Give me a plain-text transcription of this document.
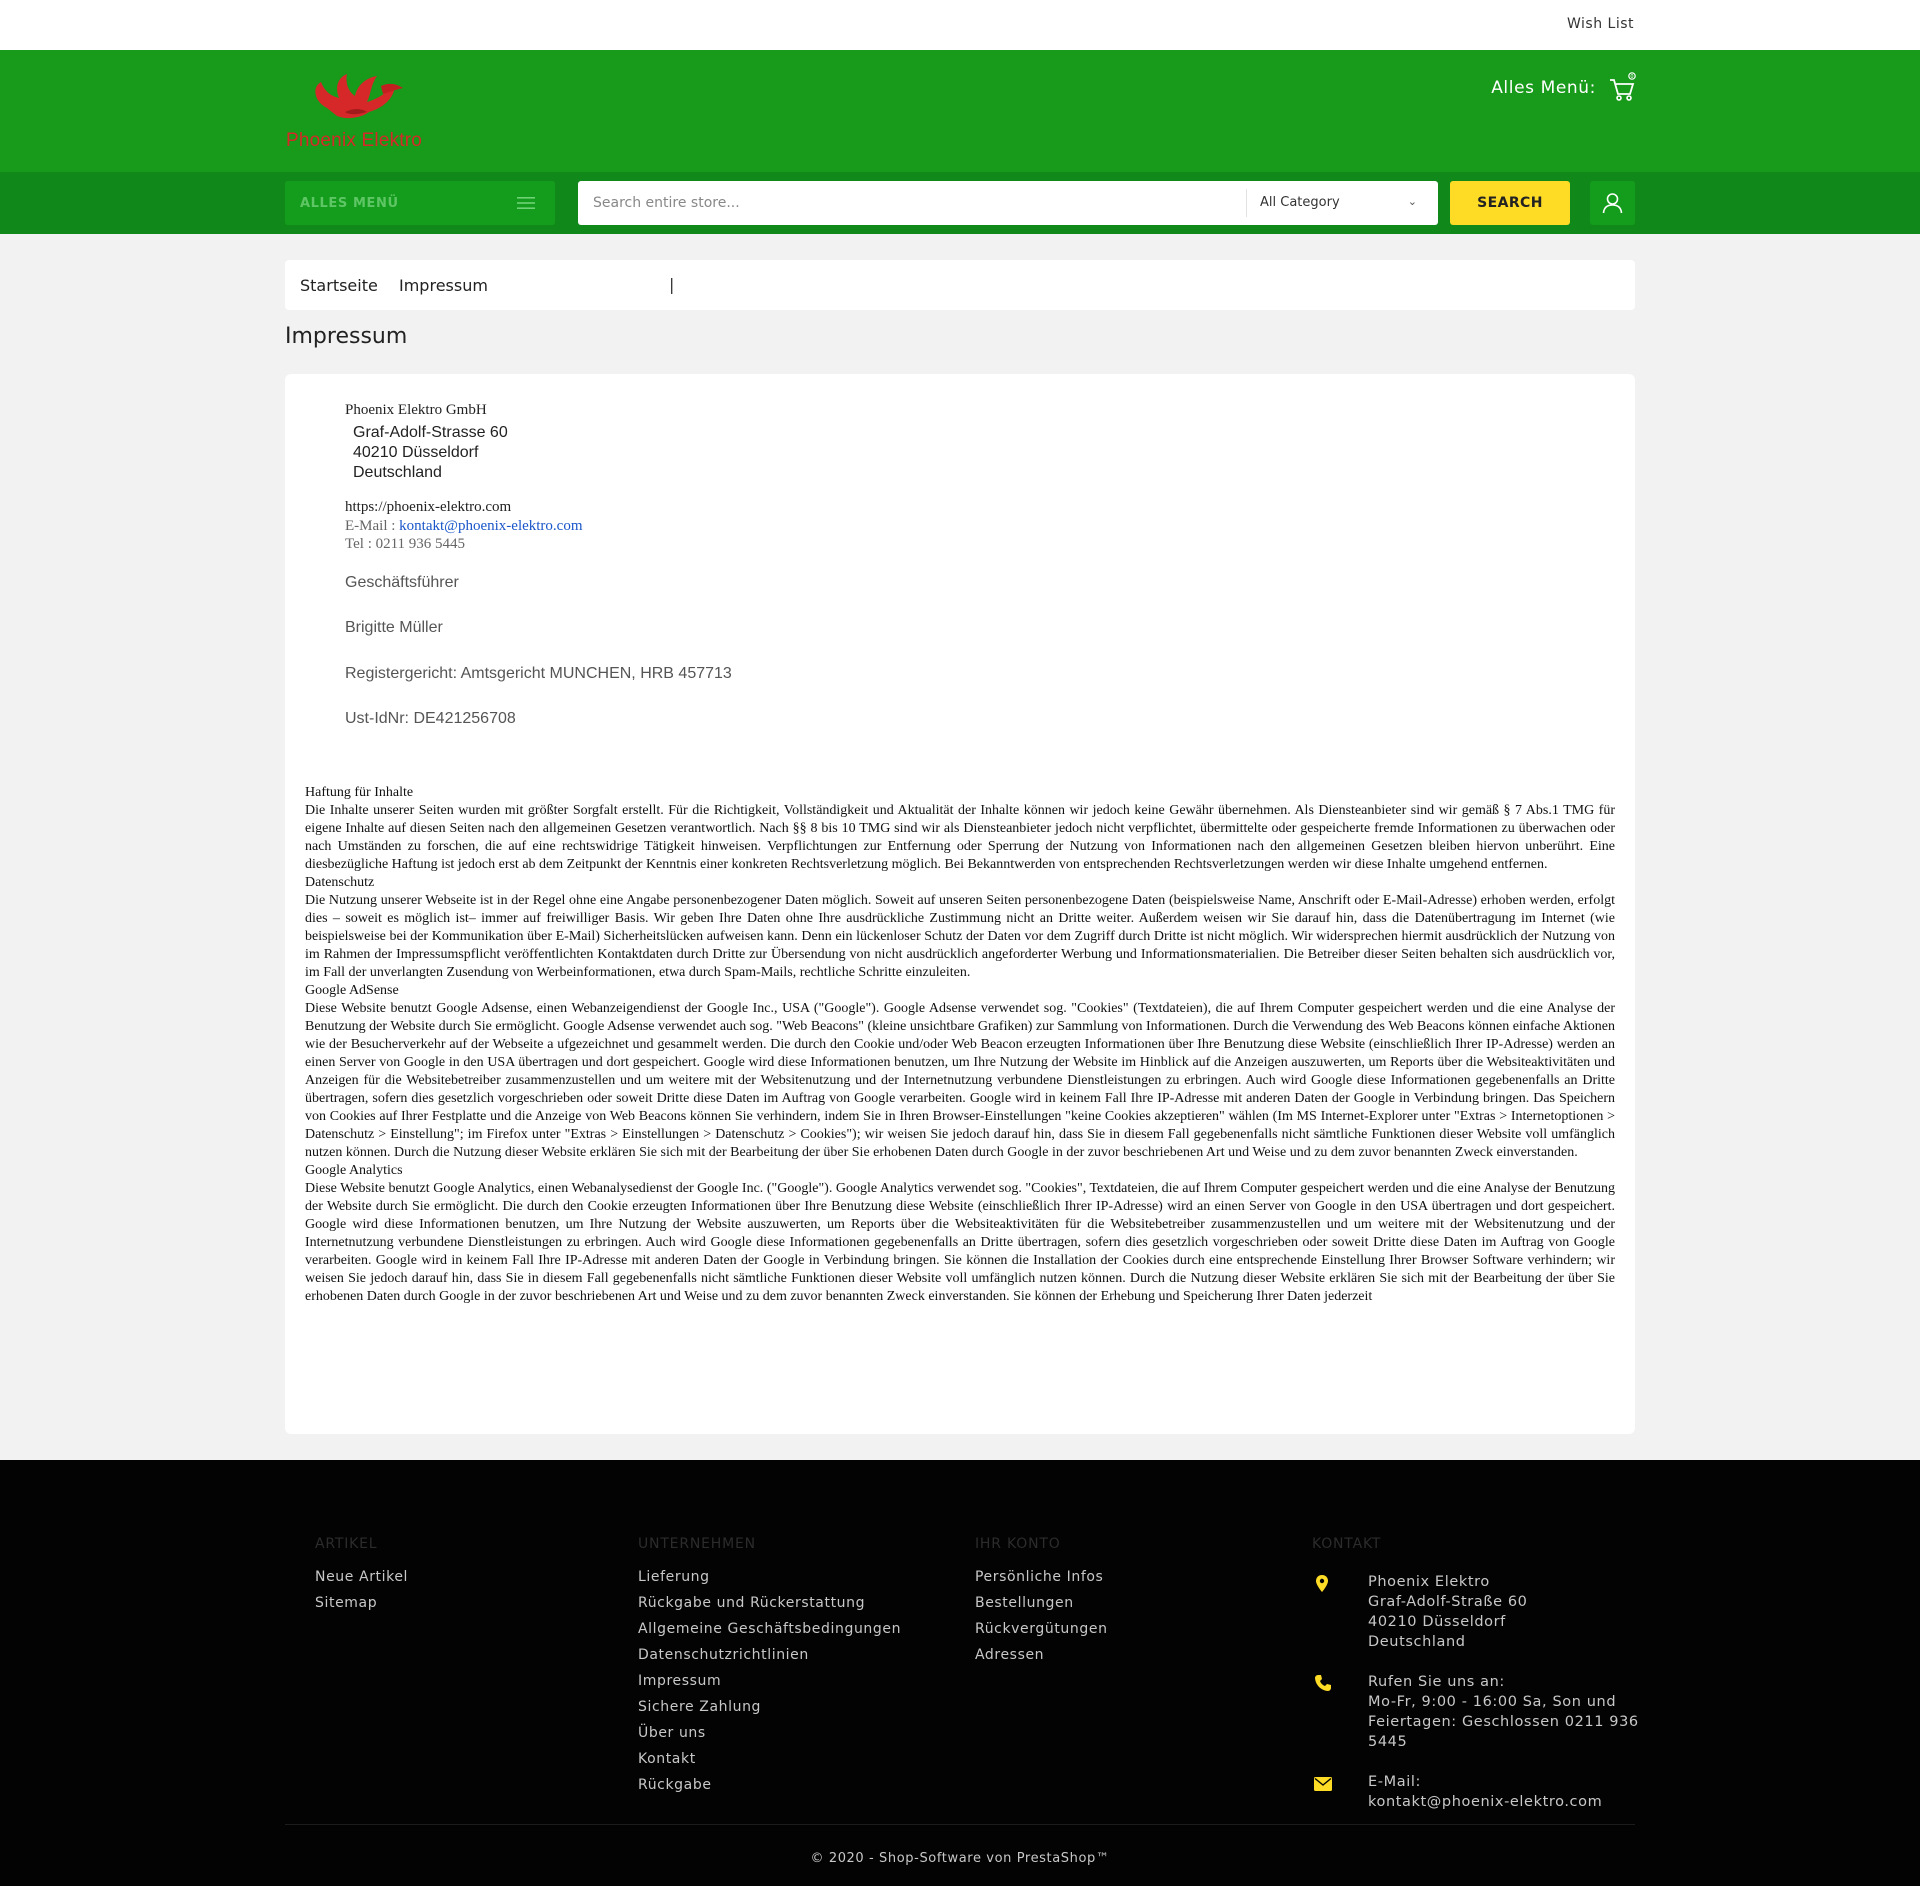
Wish List
Phoenix Elektro
Alles Menü:
0
ALLES MENÜ
Search entire store...	All Category	⌄	SEARCH
Startseite	|
Impressum
Impressum
Phoenix Elektro GmbH
Graf-Adolf-Strasse 60
40210 Düsseldorf
Deutschland
https://phoenix-elektro.com
E-Mail : kontakt@phoenix-elektro.com
Tel : 0211 936 5445
Geschäftsführer
Brigitte Müller
Registergericht: Amtsgericht MUNCHEN, HRB 457713
Ust-IdNr: DE421256708
Haftung für Inhalte
Die Inhalte unserer Seiten wurden mit größter Sorgfalt erstellt. Für die Richtigkeit, Vollständigkeit und Aktualität der Inhalte können wir jedoch keine Gewähr übernehmen. Als Diensteanbieter sind wir gemäß § 7 Abs.1 TMG für eigene Inhalte auf diesen Seiten nach den allgemeinen Gesetzen verantwortlich. Nach §§ 8 bis 10 TMG sind wir als Diensteanbieter jedoch nicht verpflichtet, übermittelte oder gespeicherte fremde Informationen zu überwachen oder nach Umständen zu forschen, die auf eine rechtswidrige Tätigkeit hinweisen. Verpflichtungen zur Entfernung oder Sperrung der Nutzung von Informationen nach den allgemeinen Gesetzen bleiben hiervon unberührt. Eine diesbezügliche Haftung ist jedoch erst ab dem Zeitpunkt der Kenntnis einer konkreten Rechtsverletzung möglich. Bei Bekanntwerden von entsprechenden Rechtsverletzungen werden wir diese Inhalte umgehend entfernen.
Datenschutz
Die Nutzung unserer Webseite ist in der Regel ohne eine Angabe personenbezogener Daten möglich. Soweit auf unseren Seiten personenbezogene Daten (beispielsweise Name, Anschrift oder E-Mail-Adresse) erhoben werden, erfolgt dies – soweit es möglich ist– immer auf freiwilliger Basis. Wir geben Ihre Daten ohne Ihre ausdrückliche Zustimmung nicht an Dritte weiter. Außerdem weisen wir Sie darauf hin, dass die Datenübertragung im Internet (wie beispielsweise bei der Kommunikation über E-Mail) Sicherheitslücken aufweisen kann. Denn ein lückenloser Schutz der Daten vor dem Zugriff durch Dritte ist nicht möglich. Wir widersprechen hiermit ausdrücklich der Nutzung von im Rahmen der Impressumspflicht veröffentlichten Kontaktdaten durch Dritte zur Übersendung von nicht ausdrücklich angeforderter Werbung und Informationsmaterialien. Die Betreiber dieser Seiten behalten sich ausdrücklich vor, im Fall der unverlangten Zusendung von Werbeinformationen, etwa durch Spam-Mails, rechtliche Schritte einzuleiten.
Google AdSense
Diese Website benutzt Google Adsense, einen Webanzeigendienst der Google Inc., USA ("Google"). Google Adsense verwendet sog. "Cookies" (Textdateien), die auf Ihrem Computer gespeichert werden und die eine Analyse der Benutzung der Website durch Sie ermöglicht. Google Adsense verwendet auch sog. "Web Beacons" (kleine unsichtbare Grafiken) zur Sammlung von Informationen. Durch die Verwendung des Web Beacons können einfache Aktionen wie der Besucherverkehr auf der Webseite a ufgezeichnet und gesammelt werden. Die durch den Cookie und/oder Web Beacon erzeugten Informationen über Ihre Benutzung diese Website (einschließlich Ihrer IP-Adresse) werden an einen Server von Google in den USA übertragen und dort gespeichert. Google wird diese Informationen benutzen, um Ihre Nutzung der Website im Hinblick auf die Anzeigen auszuwerten, um Reports über die Websiteaktivitäten und Anzeigen für die Websitebetreiber zusammenzustellen und um weitere mit der Websitenutzung und der Internetnutzung verbundene Dienstleistungen zu erbringen. Auch wird Google diese Informationen gegebenenfalls an Dritte übertragen, sofern dies gesetzlich vorgeschrieben oder soweit Dritte diese Daten im Auftrag von Google verarbeiten. Google wird in keinem Fall Ihre IP-Adresse mit anderen Daten der Google in Verbindung bringen. Das Speichern von Cookies auf Ihrer Festplatte und die Anzeige von Web Beacons können Sie verhindern, indem Sie in Ihren Browser-Einstellungen "keine Cookies akzeptieren" wählen (Im MS Internet-Explorer unter "Extras > Internetoptionen > Datenschutz > Einstellung"; im Firefox unter "Extras > Einstellungen > Datenschutz > Cookies"); wir weisen Sie jedoch darauf hin, dass Sie in diesem Fall gegebenenfalls nicht sämtliche Funktionen dieser Website voll umfänglich nutzen können. Durch die Nutzung dieser Website erklären Sie sich mit der Bearbeitung der über Sie erhobenen Daten durch Google in der zuvor beschriebenen Art und Weise und zu dem zuvor benannten Zweck einverstanden.
Google Analytics
Diese Website benutzt Google Analytics, einen Webanalysedienst der Google Inc. ("Google"). Google Analytics verwendet sog. "Cookies", Textdateien, die auf Ihrem Computer gespeichert werden und die eine Analyse der Benutzung der Website durch Sie ermöglicht. Die durch den Cookie erzeugten Informationen über Ihre Benutzung diese Website (einschließlich Ihrer IP-Adresse) wird an einen Server von Google in den USA übertragen und dort gespeichert. Google wird diese Informationen benutzen, um Ihre Nutzung der Website auszuwerten, um Reports über die Websiteaktivitäten für die Websitebetreiber zusammenzustellen und um weitere mit der Websitenutzung und der Internetnutzung verbundene Dienstleistungen zu erbringen. Auch wird Google diese Informationen gegebenenfalls an Dritte übertragen, sofern dies gesetzlich vorgeschrieben oder soweit Dritte diese Daten im Auftrag von Google verarbeiten. Google wird in keinem Fall Ihre IP-Adresse mit anderen Daten der Google in Verbindung bringen. Sie können die Installation der Cookies durch eine entsprechende Einstellung Ihrer Browser Software verhindern; wir weisen Sie jedoch darauf hin, dass Sie in diesem Fall gegebenenfalls nicht sämtliche Funktionen dieser Website voll umfänglich nutzen können. Durch die Nutzung dieser Website erklären Sie sich mit der Bearbeitung der über Sie erhobenen Daten durch Google in der zuvor beschriebenen Art und Weise und zu dem zuvor benannten Zweck einverstanden. Sie können der Erhebung und Speicherung Ihrer Daten jederzeit
ARTIKEL
Neue Artikel
Sitemap
UNTERNEHMEN
Lieferung
Rückgabe und Rückerstattung
Allgemeine Geschäftsbedingungen
Datenschutzrichtlinien
Impressum
Sichere Zahlung
Über uns
Kontakt
Rückgabe
IHR KONTO
Persönliche Infos
Bestellungen
Rückvergütungen
Adressen
KONTAKT
Phoenix Elektro
Graf-Adolf-Straße 60
40210 Düsseldorf
Deutschland
Rufen Sie uns an:
Mo-Fr, 9:00 - 16:00 Sa, Son und
Feiertagen: Geschlossen 0211 936
5445
E-Mail:
kontakt@phoenix-elektro.com
© 2020 - Shop-Software von PrestaShop™
